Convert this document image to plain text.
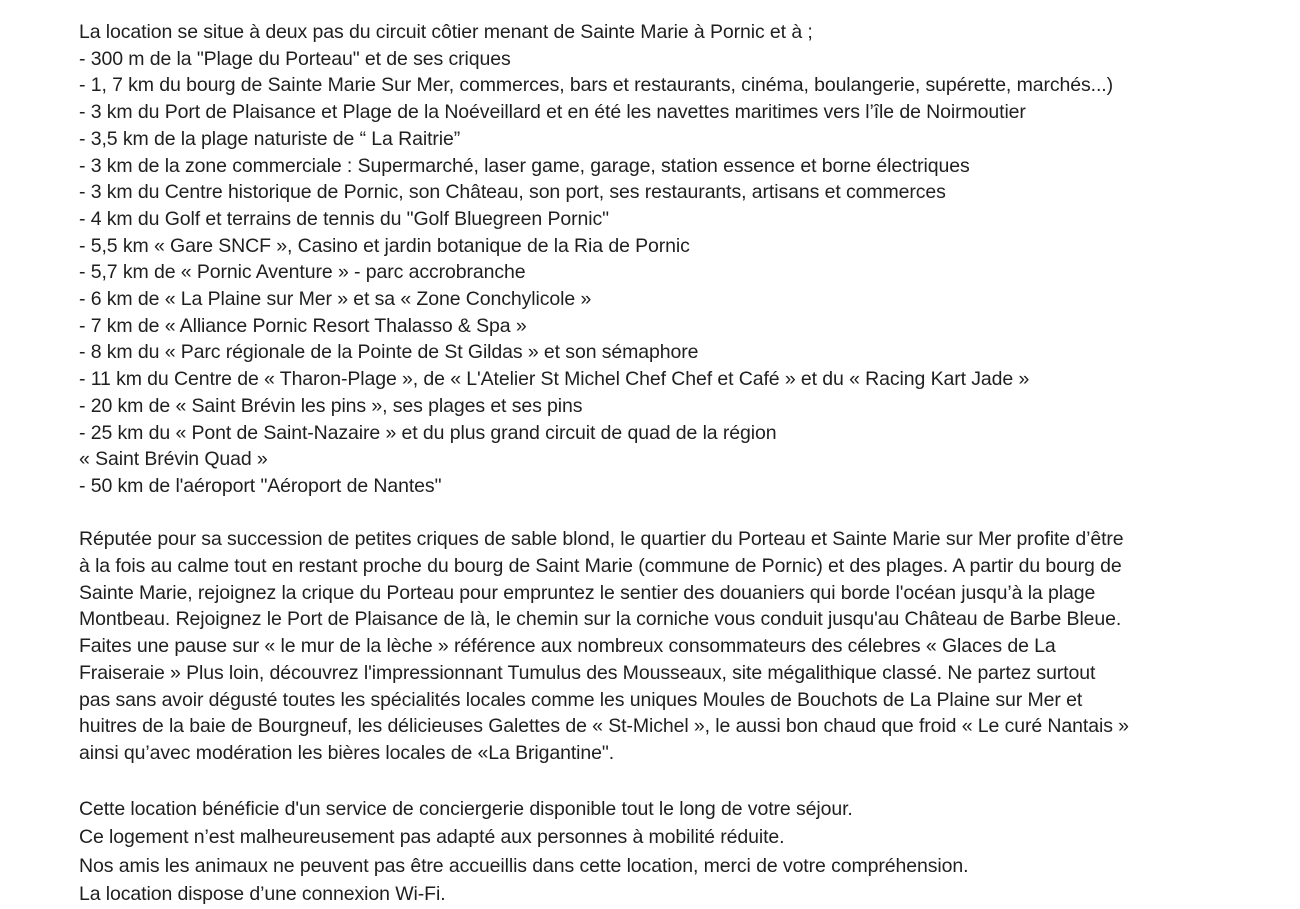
La location se situe à deux pas du circuit côtier menant de Sainte Marie à Pornic et à ;

- 300 m de la "Plage du Porteau" et de ses criques

- 1, 7 km du bourg de Sainte Marie Sur Mer, commerces, bars et restaurants, cinéma, boulangerie, supérette, marchés...)

- 3 km du Port de Plaisance et Plage de la Noéveillard et en été les navettes maritimes vers l’île de Noirmoutier

- 3,5 km de la plage naturiste de “ La Raitrie”

- 3 km de la zone commerciale : Supermarché, laser game, garage, station essence et borne électriques

- 3 km du Centre historique de Pornic, son Château, son port, ses restaurants, artisans et commerces

- 4 km du Golf et terrains de tennis du "Golf Bluegreen Pornic"

- 5,5 km « Gare SNCF », Casino et jardin botanique de la Ria de Pornic

- 5,7 km de « Pornic Aventure » - parc accrobranche

- 6 km de « La Plaine sur Mer » et sa « Zone Conchylicole »

- 7 km de « Alliance Pornic Resort Thalasso & Spa »

- 8 km du « Parc régionale de la Pointe de St Gildas » et son sémaphore

- 11 km du Centre de « Tharon-Plage », de « L'Atelier St Michel Chef Chef et Café » et du « Racing Kart Jade »

- 20 km de « Saint Brévin les pins », ses plages et ses pins

- 25 km du « Pont de Saint-Nazaire » et du plus grand circuit de quad de la région

« Saint Brévin Quad »

- 50 km de l'aéroport "Aéroport de Nantes"

Réputée pour sa succession de petites criques de sable blond, le quartier du Porteau et Sainte Marie sur Mer profite d’être

à la fois au calme tout en restant proche du bourg de Saint Marie (commune de Pornic) et des plages. A partir du bourg de

Sainte Marie, rejoignez la crique du Porteau pour empruntez le sentier des douaniers qui borde l'océan jusqu’à la plage

Montbeau. Rejoignez le Port de Plaisance de là, le chemin sur la corniche vous conduit jusqu'au Château de Barbe Bleue.

Faites une pause sur « le mur de la lèche » référence aux nombreux consommateurs des célebres « Glaces de La

Fraiseraie » Plus loin, découvrez l'impressionnant Tumulus des Mousseaux, site mégalithique classé. Ne partez surtout

pas sans avoir dégusté toutes les spécialités locales comme les uniques Moules de Bouchots de La Plaine sur Mer et

huitres de la baie de Bourgneuf, les délicieuses Galettes de « St-Michel », le aussi bon chaud que froid « Le curé Nantais »

ainsi qu’avec modération les bières locales de «La Brigantine".

Cette location bénéficie d'un service de conciergerie disponible tout le long de votre séjour.

Ce logement n’est malheureusement pas adapté aux personnes à mobilité réduite.

Nos amis les animaux ne peuvent pas être accueillis dans cette location, merci de votre compréhension.

La location dispose d’une connexion Wi-Fi.
